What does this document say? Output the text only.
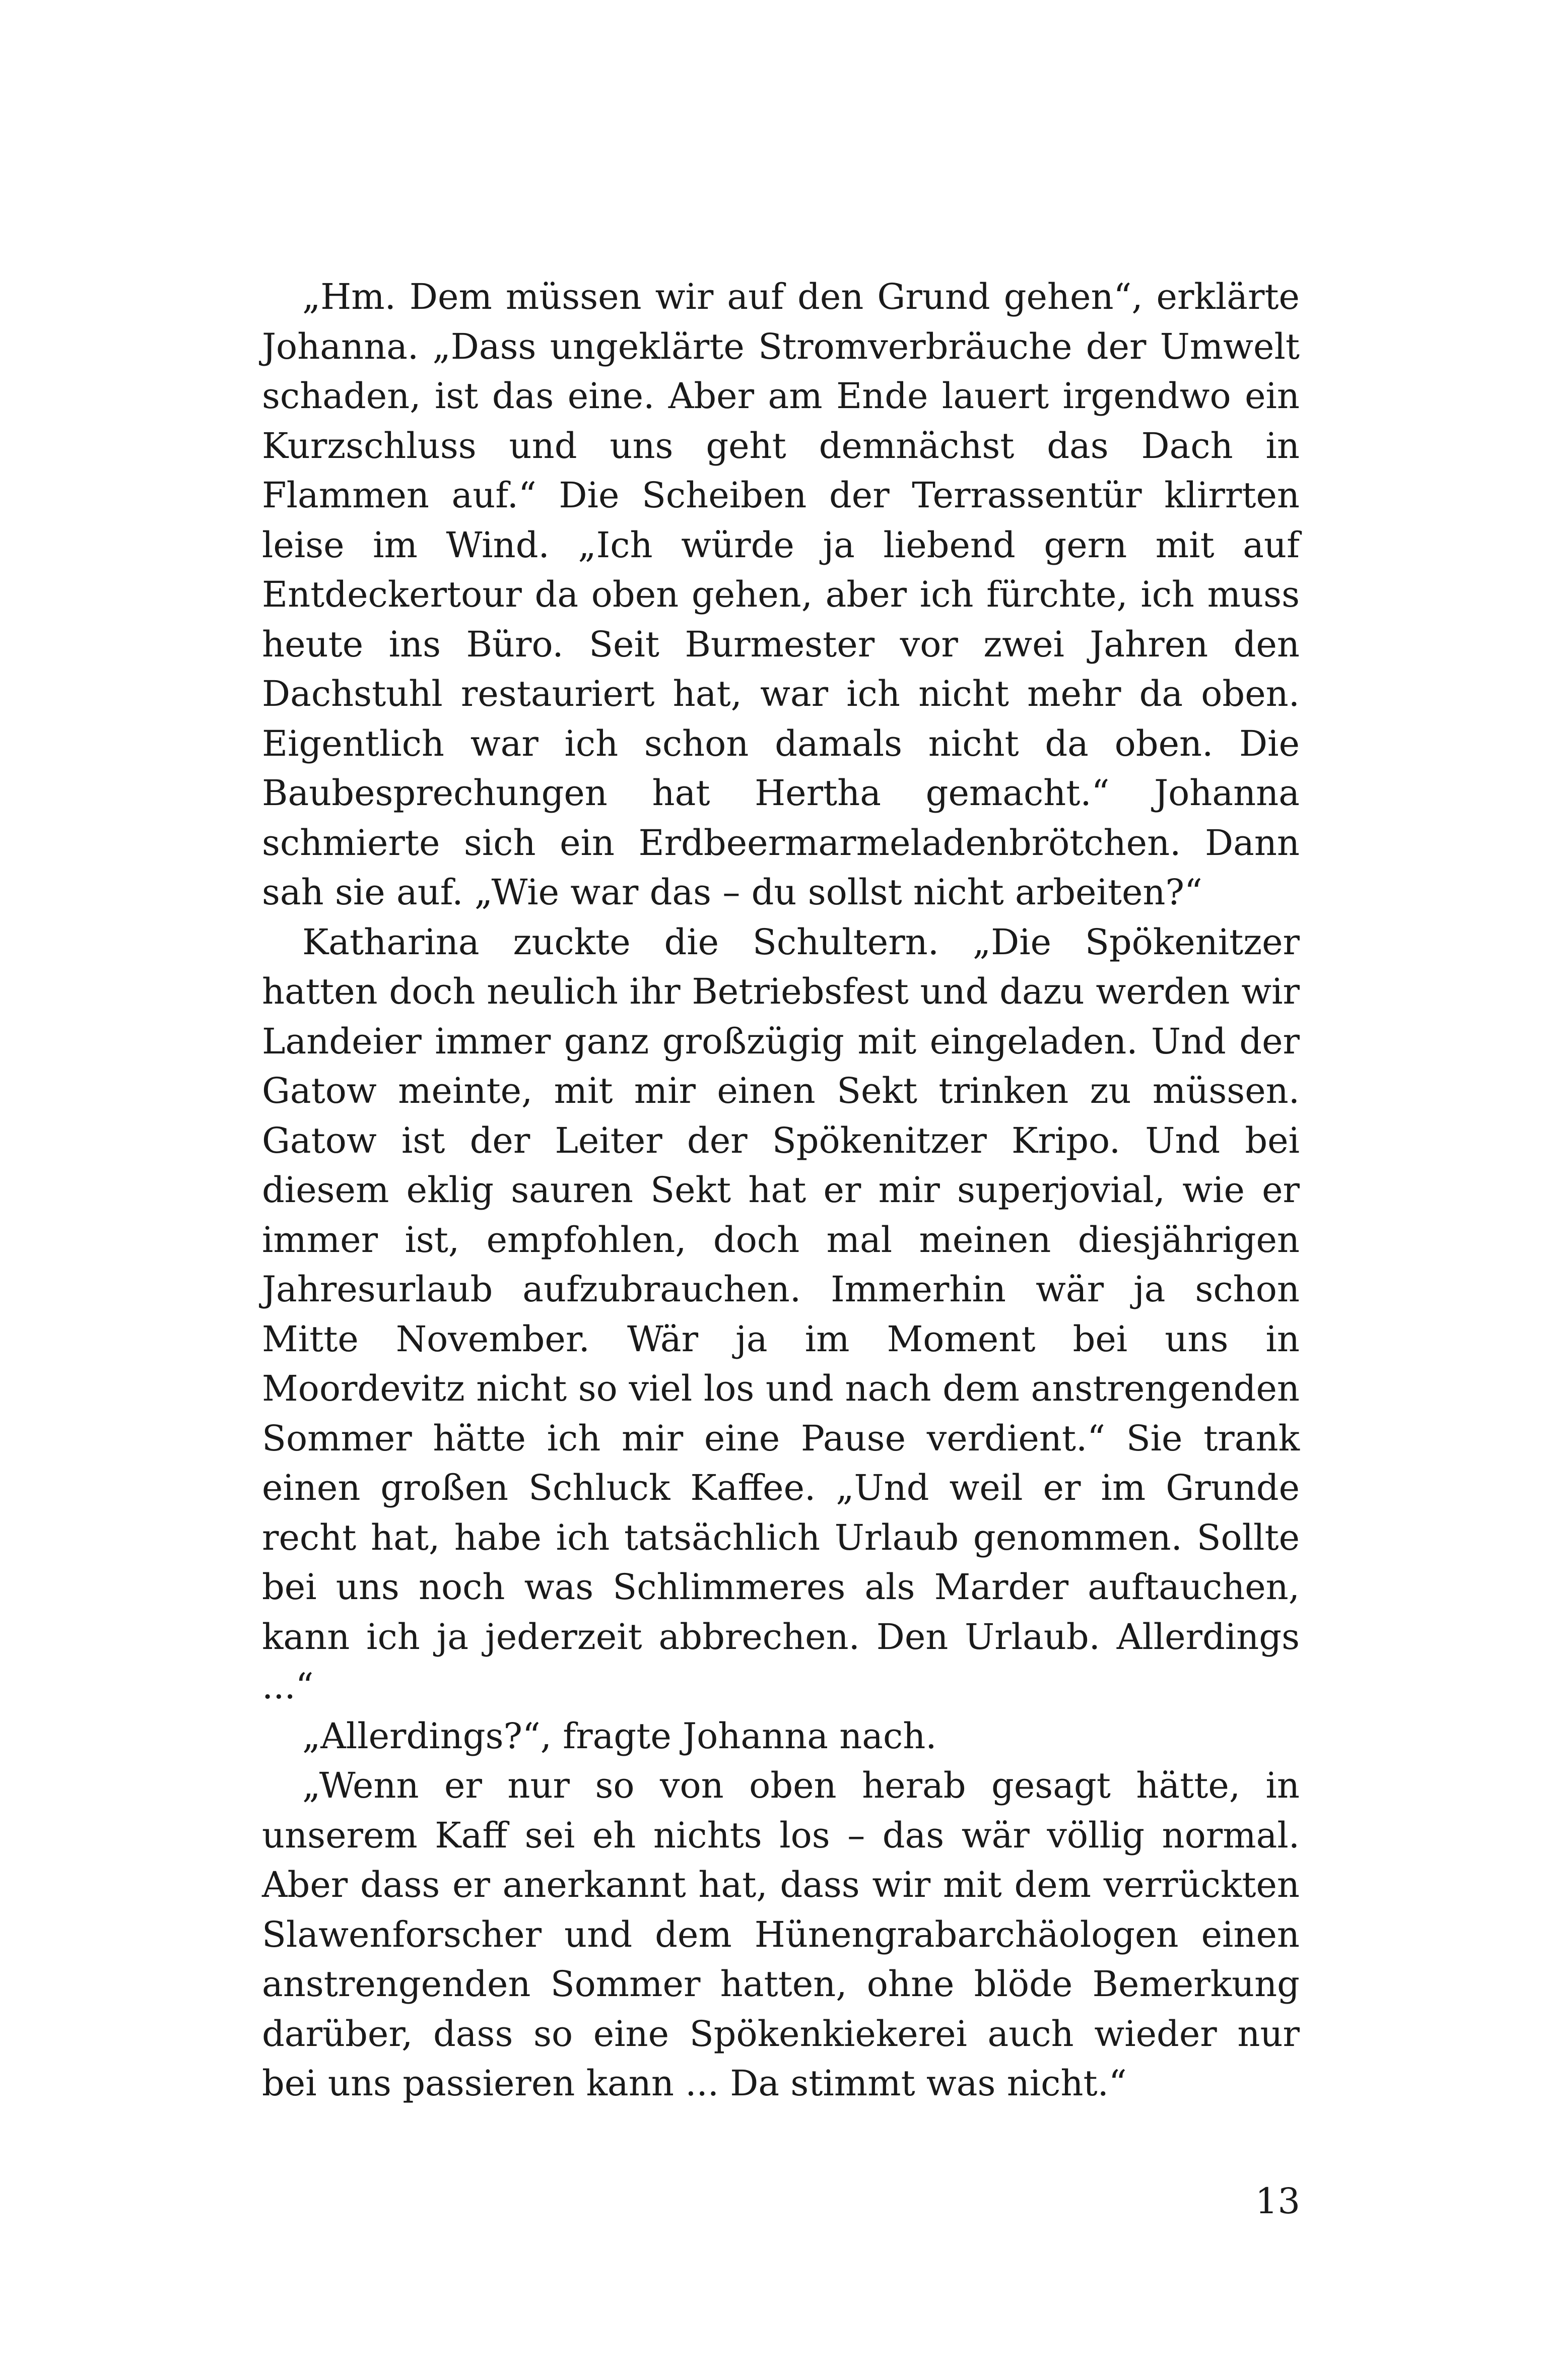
„Hm. Dem müssen wir auf den Grund gehen“, erklärte Johanna. „Dass ungeklärte Stromverbräuche der Umwelt schaden, ist das eine. Aber am Ende lauert irgendwo ein Kurzschluss und uns geht demnächst das Dach in Flammen auf.“ Die Scheiben der Terrassentür klirrten leise im Wind. „Ich würde ja liebend gern mit auf Entdeckertour da oben gehen, aber ich fürchte, ich muss heute ins Büro. Seit Burmester vor zwei Jahren den Dachstuhl restauriert hat, war ich nicht mehr da oben. Eigentlich war ich schon damals nicht da oben. Die Baubesprechungen hat Hertha gemacht.“ Johanna schmierte sich ein Erdbeermarmeladenbrötchen. Dann sah sie auf. „Wie war das – du sollst nicht arbeiten?“

Katharina zuckte die Schultern. „Die Spökenitzer hatten doch neulich ihr Betriebsfest und dazu werden wir Landeier immer ganz großzügig mit eingeladen. Und der Gatow meinte, mit mir einen Sekt trinken zu müssen. Gatow ist der Leiter der Spökenitzer Kripo. Und bei diesem eklig sauren Sekt hat er mir superjovial, wie er immer ist, empfohlen, doch mal meinen diesjährigen Jahresurlaub aufzubrauchen. Immerhin wär ja schon Mitte November. Wär ja im Moment bei uns in Moordevitz nicht so viel los und nach dem anstrengenden Sommer hätte ich mir eine Pause verdient.“ Sie trank einen großen Schluck Kaffee. „Und weil er im Grunde recht hat, habe ich tatsächlich Urlaub genommen. Sollte bei uns noch was Schlimmeres als Marder auftauchen, kann ich ja jederzeit abbrechen. Den Urlaub. Allerdings ...“

„Allerdings?“, fragte Johanna nach.

„Wenn er nur so von oben herab gesagt hätte, in unserem Kaff sei eh nichts los – das wär völlig normal. Aber dass er anerkannt hat, dass wir mit dem verrückten Slawenforscher und dem Hünengrabarchäologen einen anstrengenden Sommer hatten, ohne blöde Bemerkung darüber, dass so eine Spökenkiekerei auch wieder nur bei uns passieren kann ... Da stimmt was nicht.“

13
